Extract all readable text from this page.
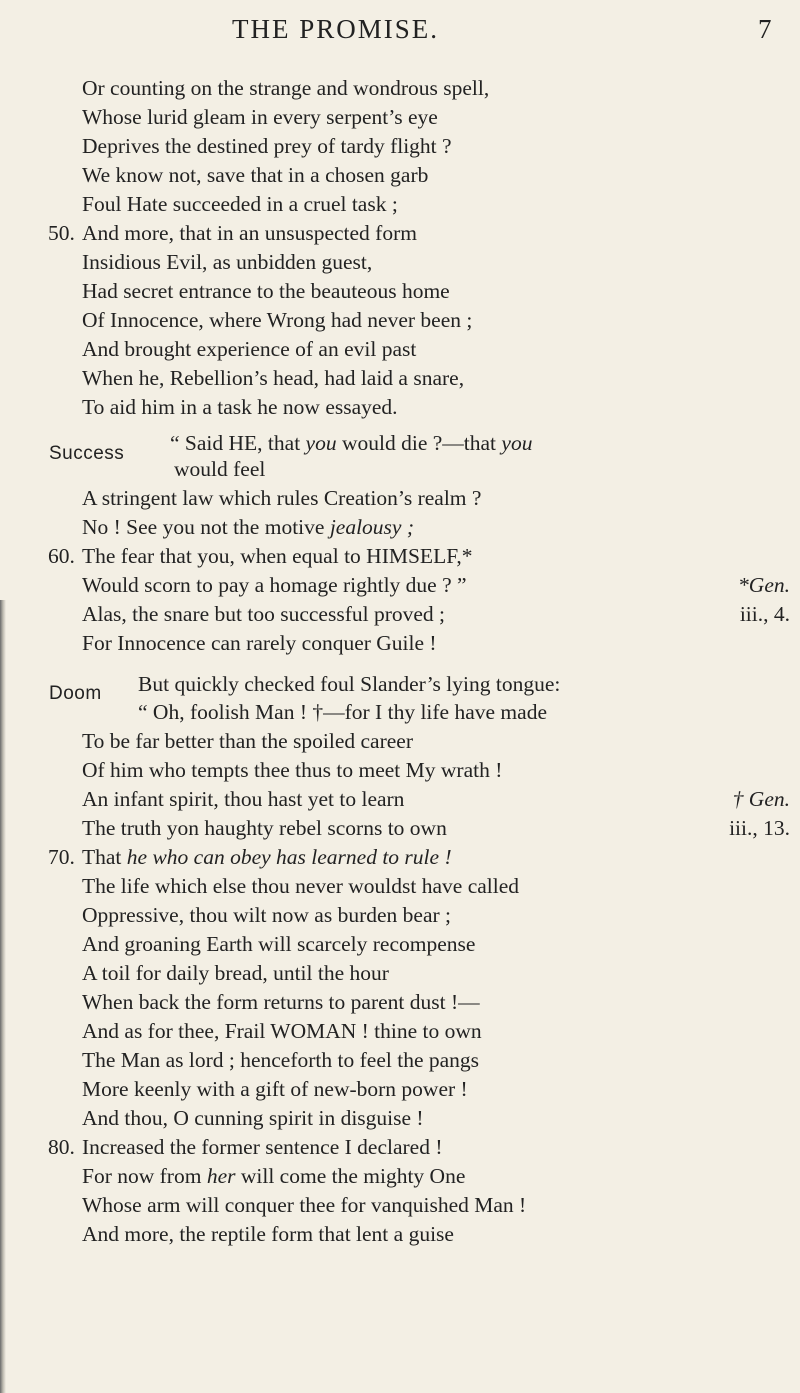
THE PROMISE.	7
Or counting on the strange and wondrous spell,
Whose lurid gleam in every serpent’s eye
Deprives the destined prey of tardy flight ?
We know not, save that in a chosen garb
Foul Hate succeeded in a cruel task ;
50. And more, that in an unsuspected form
Insidious Evil, as unbidden guest,
Had secret entrance to the beauteous home
Of Innocence, where Wrong had never been ;
And brought experience of an evil past
When he, Rebellion’s head, had laid a snare,
To aid him in a task he now essayed.
Success “ Said HE, that you would die ?—that you
would feel
A stringent law which rules Creation’s realm ?
No ! See you not the motive jealousy ;
60. The fear that you, when equal to HIMSELF,*
Would scorn to pay a homage rightly due ? ”	*Gen.
Alas, the snare but too successful proved ;	iii., 4.
For Innocence can rarely conquer Guile !
Doom But quickly checked foul Slander’s lying tongue:
“ Oh, foolish Man ! †—for I thy life have made
To be far better than the spoiled career
Of him who tempts thee thus to meet My wrath !
An infant spirit, thou hast yet to learn	† Gen.
The truth yon haughty rebel scorns to own	iii., 13.
70. That he who can obey has learned to rule !
The life which else thou never wouldst have called
Oppressive, thou wilt now as burden bear ;
And groaning Earth will scarcely recompense
A toil for daily bread, until the hour
When back the form returns to parent dust !—
And as for thee, Frail WOMAN ! thine to own
The Man as lord ; henceforth to feel the pangs
More keenly with a gift of new-born power !
And thou, O cunning spirit in disguise !
80. Increased the former sentence I declared !
For now from her will come the mighty One
Whose arm will conquer thee for vanquished Man !
And more, the reptile form that lent a guise
